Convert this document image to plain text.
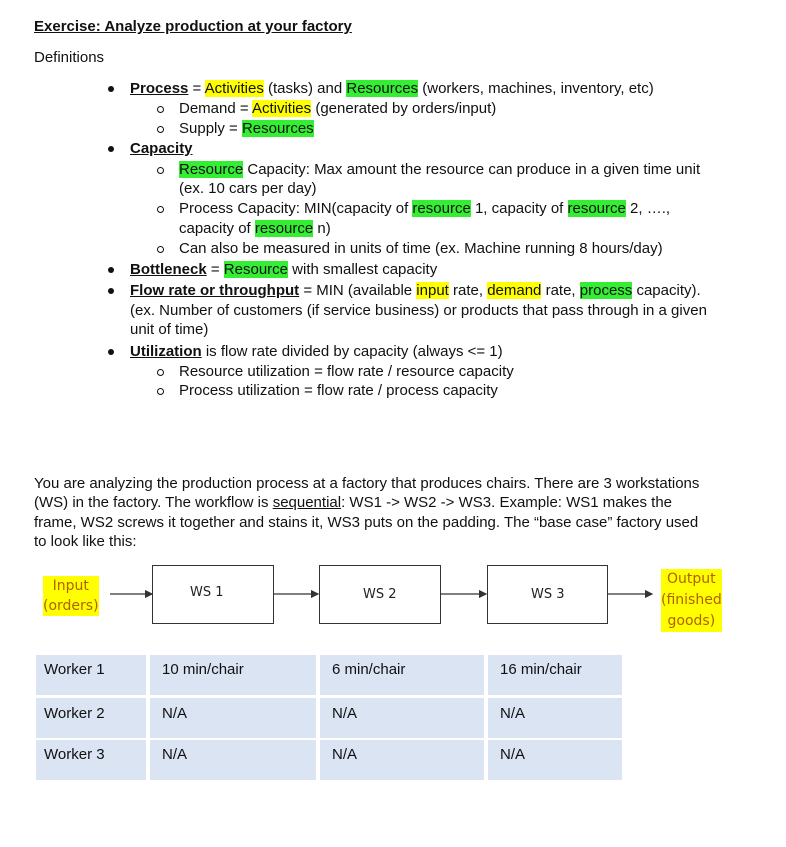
Exercise: Analyze production at your factory
Definitions
Process = Activities (tasks) and Resources (workers, machines, inventory, etc)
Demand = Activities (generated by orders/input)
Supply = Resources
Capacity
Resource Capacity: Max amount the resource can produce in a given time unit
(ex. 10 cars per day)
Process Capacity: MIN(capacity of resource 1, capacity of resource 2, ….,
capacity of resource n)
Can also be measured in units of time (ex. Machine running 8 hours/day)
Bottleneck = Resource with smallest capacity
Flow rate or throughput = MIN (available input rate, demand rate, process capacity).
(ex. Number of customers (if service business) or products that pass through in a given
unit of time)
Utilization is flow rate divided by capacity (always <= 1)
Resource utilization = flow rate / resource capacity
Process utilization = flow rate / process capacity
You are analyzing the production process at a factory that produces chairs. There are 3 workstations
(WS) in the factory. The workflow is sequential: WS1 -> WS2 -> WS3. Example: WS1 makes the
frame, WS2 screws it together and stains it, WS3 puts on the padding. The “base case” factory used
to look like this:
Input
(orders)
WS 1	WS 2	WS 3
Output
(finished
goods)
Worker 1	10 min/chair	6 min/chair	16 min/chair
Worker 2	N/A	N/A	N/A
Worker 3	N/A	N/A	N/A
